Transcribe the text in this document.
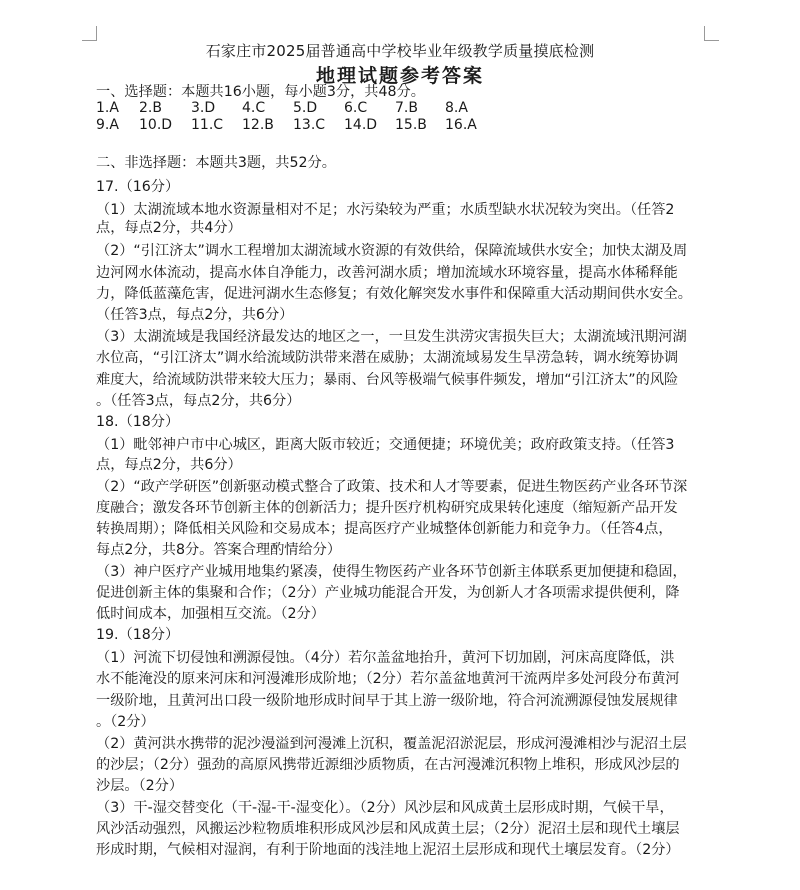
石家庄市2025届普通高中学校毕业年级教学质量摸底检测
地理试题参考答案
一、选择题：本题共16小题，每小题3分，共48分。
1.A 2.B 3.D 4.C 5.D 6.C 7.B 8.A
9.A 10.D 11.C 12.B 13.C 14.D 15.B 16.A
二、非选择题：本题共3题，共52分。
17.（16分）
（1）太湖流域本地水资源量相对不足；水污染较为严重；水质型缺水状况较为突出。（任答2
点，每点2分，共4分）
（2）“引江济太”调水工程增加太湖流域水资源的有效供给，保障流域供水安全；加快太湖及周
边河网水体流动，提高水体自净能力，改善河湖水质；增加流域水环境容量，提高水体稀释能
力，降低蓝藻危害，促进河湖水生态修复；有效化解突发水事件和保障重大活动期间供水安全。
（任答3点，每点2分，共6分）
（3）太湖流域是我国经济最发达的地区之一，一旦发生洪涝灾害损失巨大；太湖流域汛期河湖
水位高，“引江济太”调水给流域防洪带来潜在威胁；太湖流域易发生旱涝急转，调水统筹协调
难度大，给流域防洪带来较大压力；暴雨、台风等极端气候事件频发，增加“引江济太”的风险
。（任答3点，每点2分，共6分）
18.（18分）
（1）毗邻神户市中心城区，距离大阪市较近；交通便捷；环境优美；政府政策支持。（任答3
点，每点2分，共6分）
（2）“政产学研医”创新驱动模式整合了政策、技术和人才等要素，促进生物医药产业各环节深
度融合；激发各环节创新主体的创新活力；提升医疗机构研究成果转化速度（缩短新产品开发
转换周期）；降低相关风险和交易成本；提高医疗产业城整体创新能力和竞争力。（任答4点，
每点2分，共8分。答案合理酌情给分）
（3）神户医疗产业城用地集约紧凑，使得生物医药产业各环节创新主体联系更加便捷和稳固，
促进创新主体的集聚和合作；（2分）产业城功能混合开发，为创新人才各项需求提供便利，降
低时间成本，加强相互交流。（2分）
19.（18分）
（1）河流下切侵蚀和溯源侵蚀。（4分）若尔盖盆地抬升，黄河下切加剧，河床高度降低，洪
水不能淹没的原来河床和河漫滩形成阶地；（2分）若尔盖盆地黄河干流两岸多处河段分布黄河
一级阶地，且黄河出口段一级阶地形成时间早于其上游一级阶地，符合河流溯源侵蚀发展规律
。（2分）
（2）黄河洪水携带的泥沙漫溢到河漫滩上沉积，覆盖泥沼淤泥层，形成河漫滩相沙与泥沼土层
的沙层；（2分）强劲的高原风携带近源细沙质物质，在古河漫滩沉积物上堆积，形成风沙层的
沙层。（2分）
（3）干-湿交替变化（干-湿-干-湿变化）。（2分）风沙层和风成黄土层形成时期，气候干旱，
风沙活动强烈，风搬运沙粒物质堆积形成风沙层和风成黄土层；（2分）泥沼土层和现代土壤层
形成时期，气候相对湿润，有利于阶地面的浅洼地上泥沼土层形成和现代土壤层发育。（2分）
